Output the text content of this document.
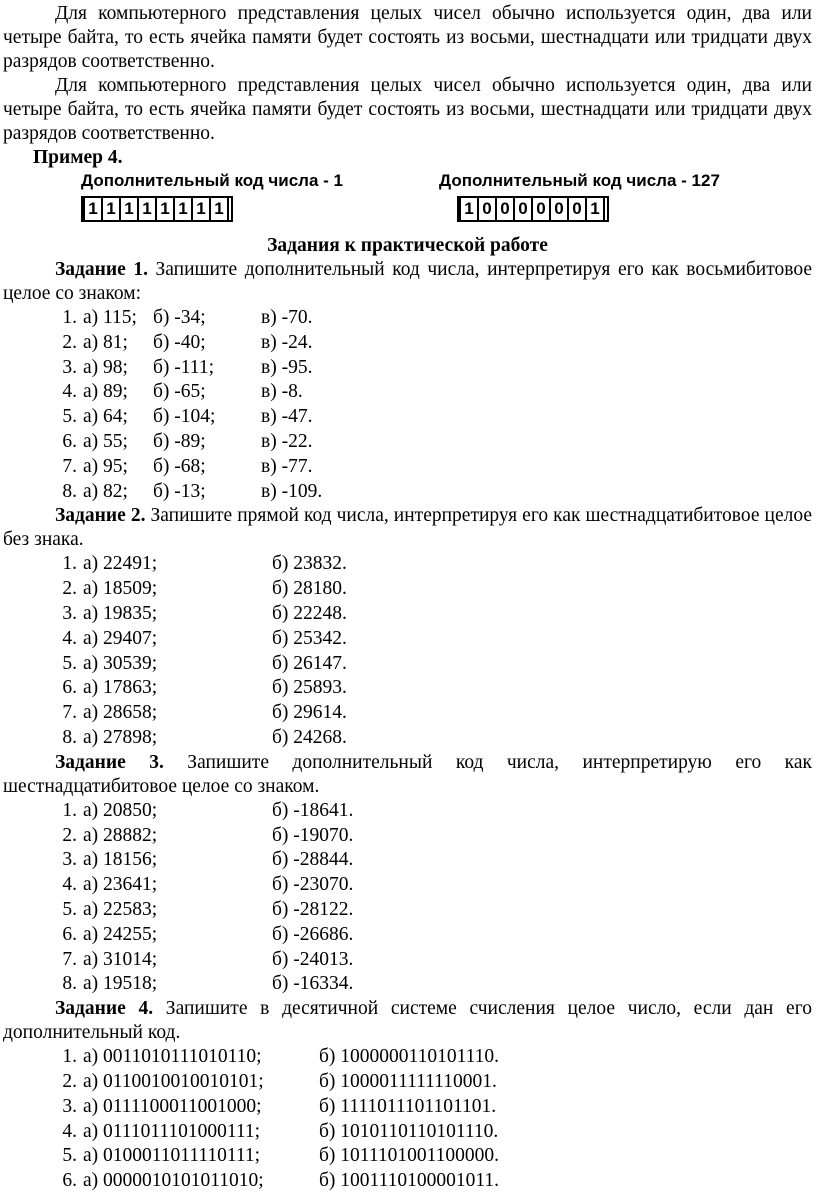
Для компьютерного представления целых чисел обычно используется один, два или четыре байта, то есть ячейка памяти будет состоять из восьми, шестнадцати или тридцати двух разрядов соответственно.

Для компьютерного представления целых чисел обычно используется один, два или четыре байта, то есть ячейка памяти будет состоять из восьми, шестнадцати или тридцати двух разрядов соответственно.

Пример 4.
Дополнительный код числа - 1
1 1 1 1 1 1 1 1
Дополнительный код числа - 127
1 0 0 0 0 0 0 1
Задания к практической работе

Задание 1. Запишите дополнительный код числа, интерпретируя его как восьмибитовое целое со знаком:

1. а) 115; б) -34;	в) -70.
2. а) 81;	б) -40;	в) -24.
3. а) 98;	б) -111;	в) -95.
4. а) 89;	б) -65;	в) -8.
5. а) 64;	б) -104;	в) -47.
6. а) 55;	б) -89;	в) -22.
7. а) 95;	б) -68;	в) -77.
8. а) 82;	б) -13;	в) -109.

Задание 2. Запишите прямой код числа, интерпретируя его как шестнадцатибитовое целое без знака.

1. а) 22491;	б) 23832.
2. а) 18509;	б) 28180.
3. а) 19835;	б) 22248.
4. а) 29407;	б) 25342.
5. а) 30539;	б) 26147.
6. а) 17863;	б) 25893.
7. а) 28658;	б) 29614.
8. а) 27898;	б) 24268.

Задание 3. Запишите дополнительный код числа, интерпретирую его как шестнадцатибитовое целое со знаком.

1. а) 20850;	б) -18641.
2. а) 28882;	б) -19070.
3. а) 18156;	б) -28844.
4. а) 23641;	б) -23070.
5. а) 22583;	б) -28122.
6. а) 24255;	б) -26686.
7. а) 31014;	б) -24013.
8. а) 19518;	б) -16334.

Задание 4. Запишите в десятичной системе счисления целое число, если дан его дополнительный код.

1. а) 0011010111010110;	б) 1000000110101110.
2. а) 0110010010010101;	б) 1000011111110001.
3. а) 0111100011001000;	б) 1111011101101101.
4. а) 0111011101000111;	б) 1010110110101110.
5. а) 0100011011110111;	б) 1011101001100000.
6. а) 0000010101011010;	б) 1001110100001011.
